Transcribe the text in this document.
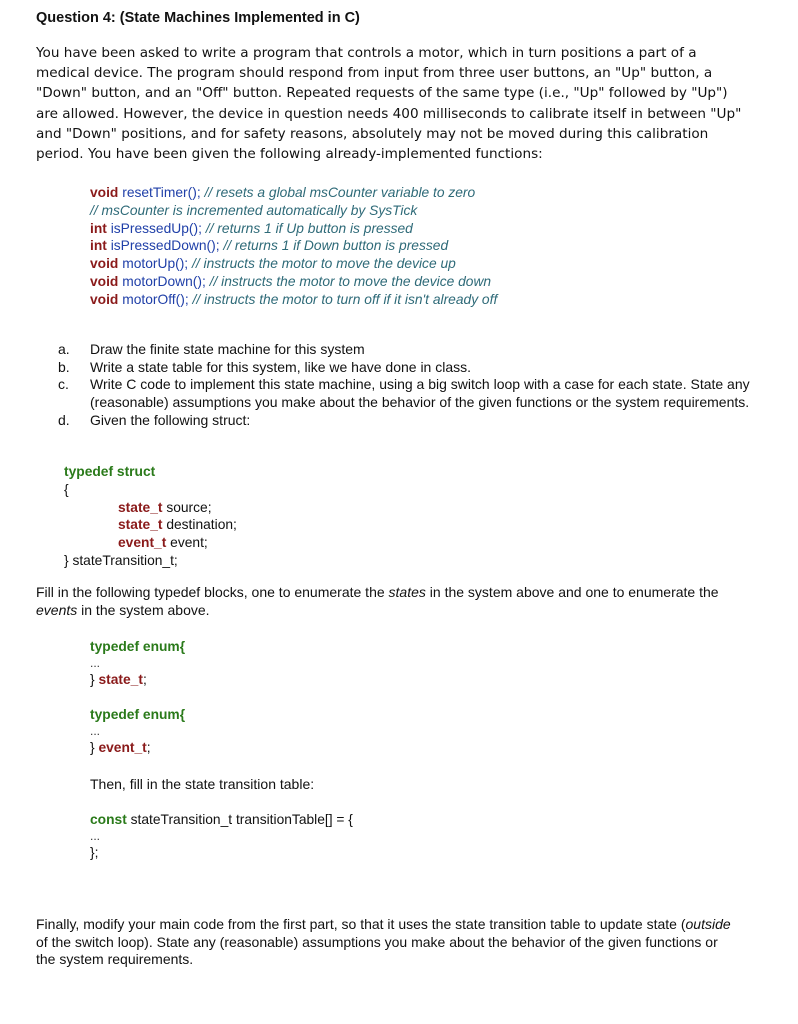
Question 4: (State Machines Implemented in C)
You have been asked to write a program that controls a motor, which in turn positions a part of a medical device. The program should respond from input from three user buttons, an "Up" button, a "Down" button, and an "Off" button. Repeated requests of the same type (i.e., "Up" followed by "Up") are allowed. However, the device in question needs 400 milliseconds to calibrate itself in between "Up" and "Down" positions, and for safety reasons, absolutely may not be moved during this calibration period. You have been given the following already-implemented functions:
void resetTimer(); // resets a global msCounter variable to zero
// msCounter is incremented automatically by SysTick
int isPressedUp(); // returns 1 if Up button is pressed
int isPressedDown(); // returns 1 if Down button is pressed
void motorUp(); // instructs the motor to move the device up
void motorDown(); // instructs the motor to move the device down
void motorOff(); // instructs the motor to turn off if it isn't already off
a.	Draw the finite state machine for this system
b.	Write a state table for this system, like we have done in class.
c.	Write C code to implement this state machine, using a big switch loop with a case for each state. State any (reasonable) assumptions you make about the behavior of the given functions or the system requirements.
d.	Given the following struct:
typedef struct
{
state_t source;
state_t destination;
event_t event;
} stateTransition_t;
Fill in the following typedef blocks, one to enumerate the states in the system above and one to enumerate the events in the system above.
typedef enum{
...
} state_t;
typedef enum{
...
} event_t;
Then, fill in the state transition table:
const stateTransition_t transitionTable[] = {
...
};
Finally, modify your main code from the first part, so that it uses the state transition table to update state (outside of the switch loop). State any (reasonable) assumptions you make about the behavior of the given functions or the system requirements.
